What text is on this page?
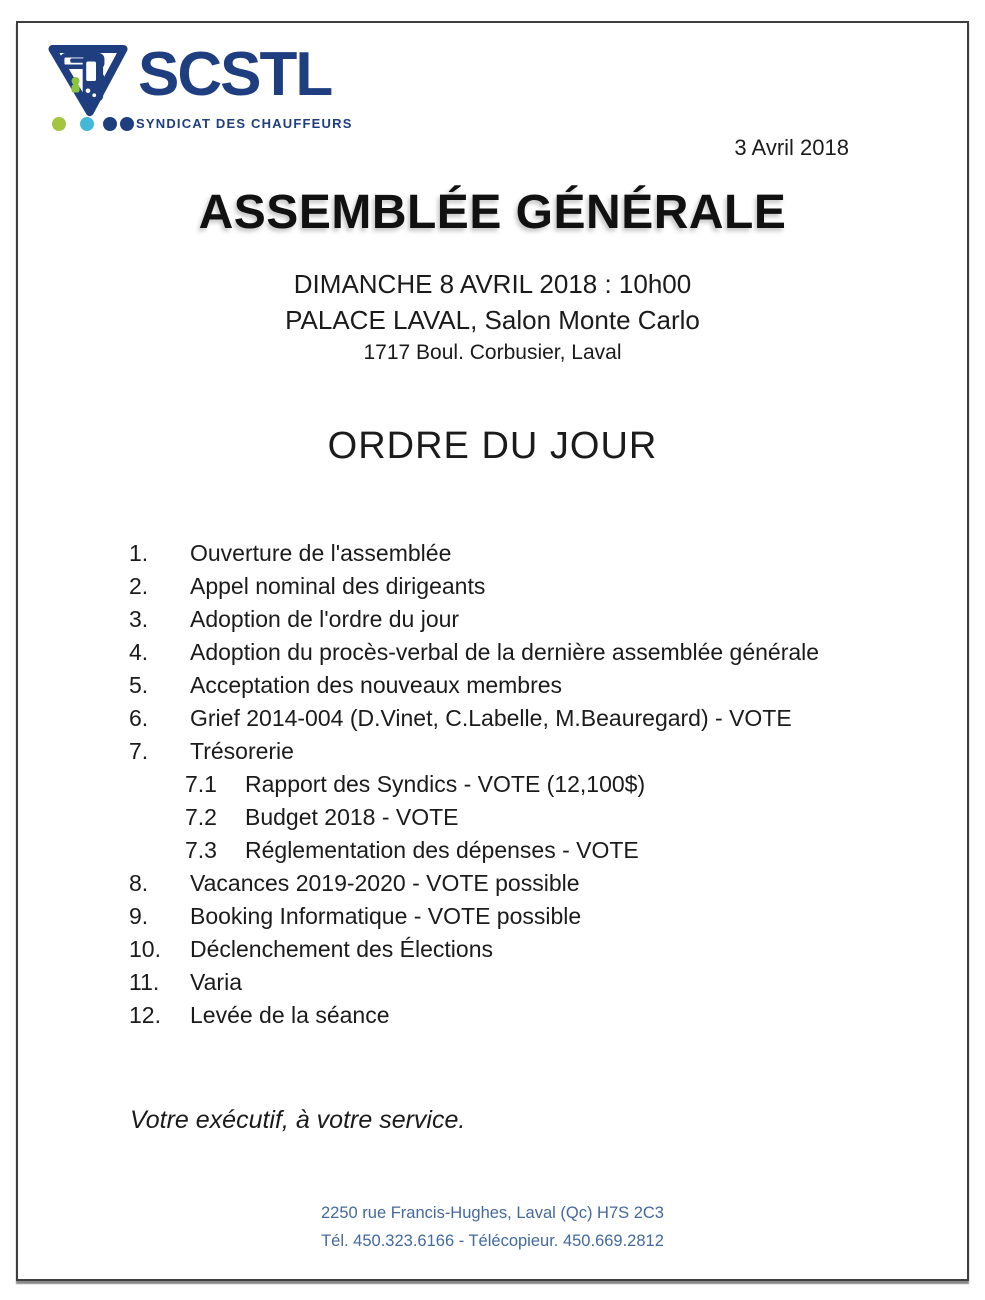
SCSTL
SYNDICAT DES CHAUFFEURS
3 Avril 2018
ASSEMBLÉE GÉNÉRALE
DIMANCHE 8 AVRIL 2018 : 10h00
PALACE LAVAL, Salon Monte Carlo
1717 Boul. Corbusier, Laval
ORDRE DU JOUR
1.	Ouverture de l'assemblée
2.	Appel nominal des dirigeants
3.	Adoption de l'ordre du jour
4.	Adoption du procès-verbal de la dernière assemblée générale
5.	Acceptation des nouveaux membres
6.	Grief 2014-004 (D.Vinet, C.Labelle, M.Beauregard) - VOTE
7.	Trésorerie
7.1	Rapport des Syndics - VOTE (12,100$)
7.2	Budget 2018 - VOTE
7.3	Réglementation des dépenses - VOTE
8.	Vacances 2019-2020 - VOTE possible
9.	Booking Informatique - VOTE possible
10.	Déclenchement des Élections
11.	Varia
12.	Levée de la séance
Votre exécutif, à votre service.
2250 rue Francis-Hughes, Laval (Qc) H7S 2C3
Tél. 450.323.6166 - Télécopieur. 450.669.2812
